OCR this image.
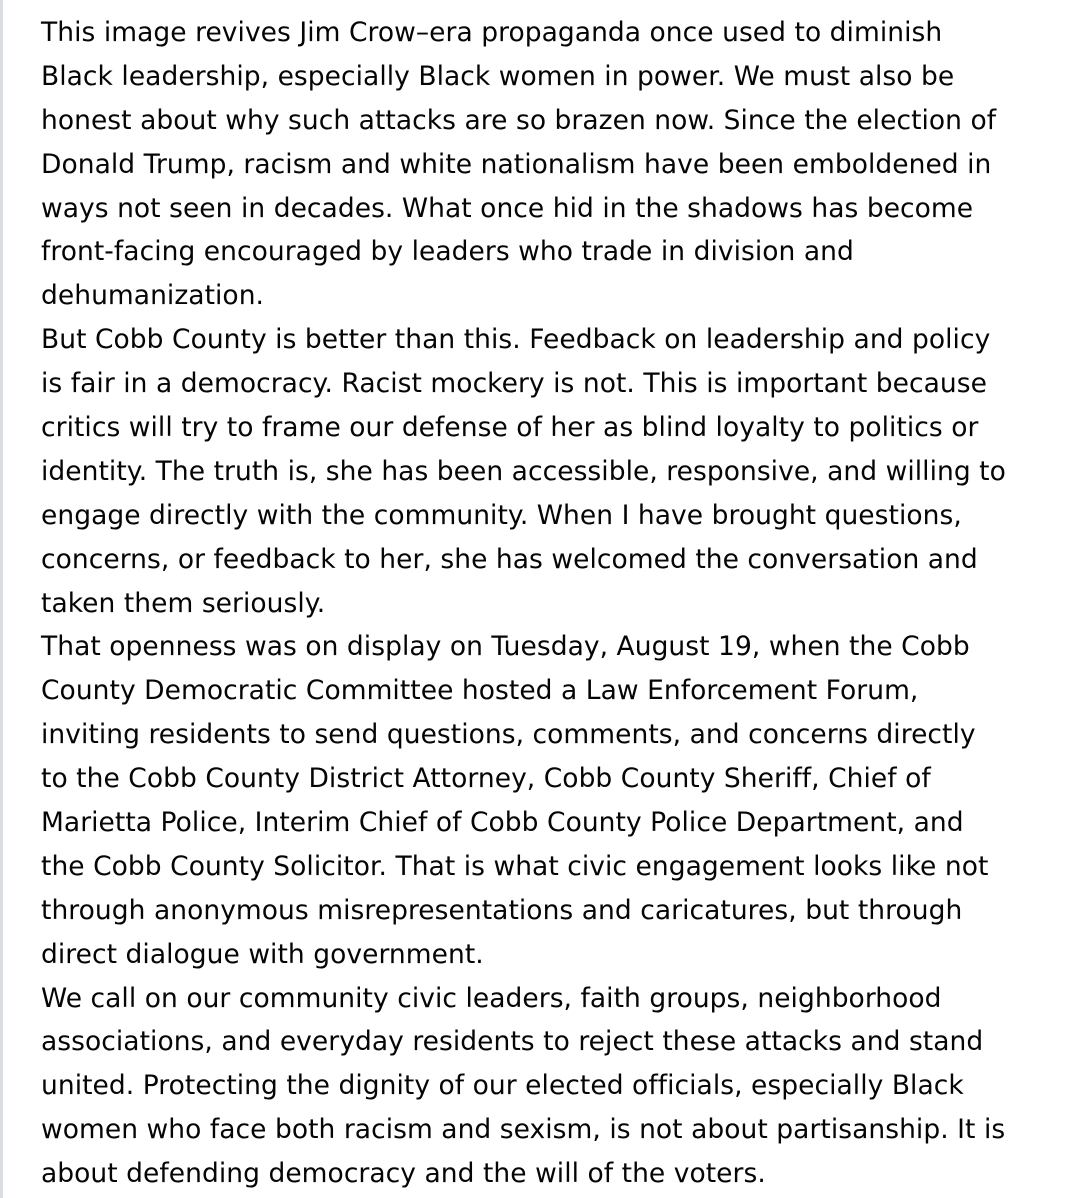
This image revives Jim Crow–era propaganda once used to diminish
Black leadership, especially Black women in power. We must also be
honest about why such attacks are so brazen now. Since the election of
Donald Trump, racism and white nationalism have been emboldened in
ways not seen in decades. What once hid in the shadows has become
front-facing encouraged by leaders who trade in division and
dehumanization.
But Cobb County is better than this. Feedback on leadership and policy
is fair in a democracy. Racist mockery is not. This is important because
critics will try to frame our defense of her as blind loyalty to politics or
identity. The truth is, she has been accessible, responsive, and willing to
engage directly with the community. When I have brought questions,
concerns, or feedback to her, she has welcomed the conversation and
taken them seriously.
That openness was on display on Tuesday, August 19, when the Cobb
County Democratic Committee hosted a Law Enforcement Forum,
inviting residents to send questions, comments, and concerns directly
to the Cobb County District Attorney, Cobb County Sheriff, Chief of
Marietta Police, Interim Chief of Cobb County Police Department, and
the Cobb County Solicitor. That is what civic engagement looks like not
through anonymous misrepresentations and caricatures, but through
direct dialogue with government.
We call on our community civic leaders, faith groups, neighborhood
associations, and everyday residents to reject these attacks and stand
united. Protecting the dignity of our elected officials, especially Black
women who face both racism and sexism, is not about partisanship. It is
about defending democracy and the will of the voters.
